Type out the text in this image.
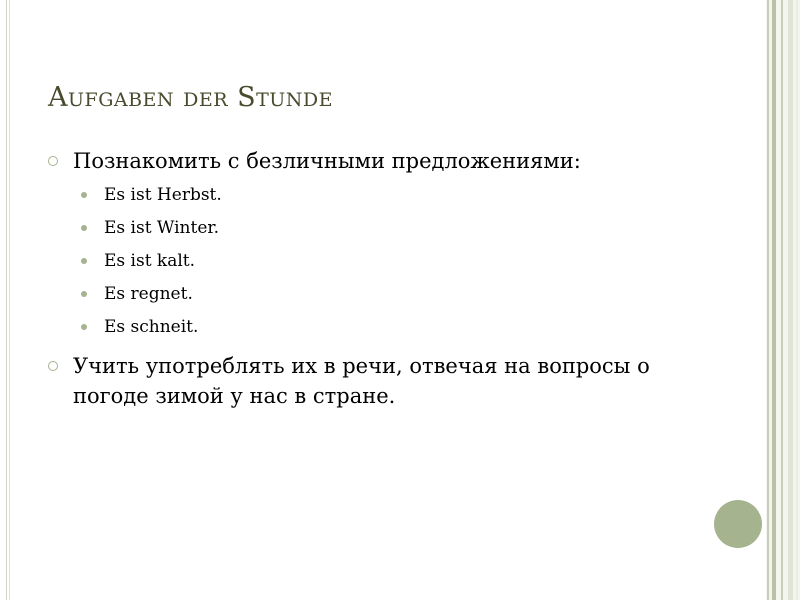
Aufgaben der Stunde
Познакомить с безличными предложениями:
Es ist Herbst.
Es ist Winter.
Es ist kalt.
Es regnet.
Es schneit.
Учить употреблять их в речи, отвечая на вопросы о погоде зимой у нас в стране.
